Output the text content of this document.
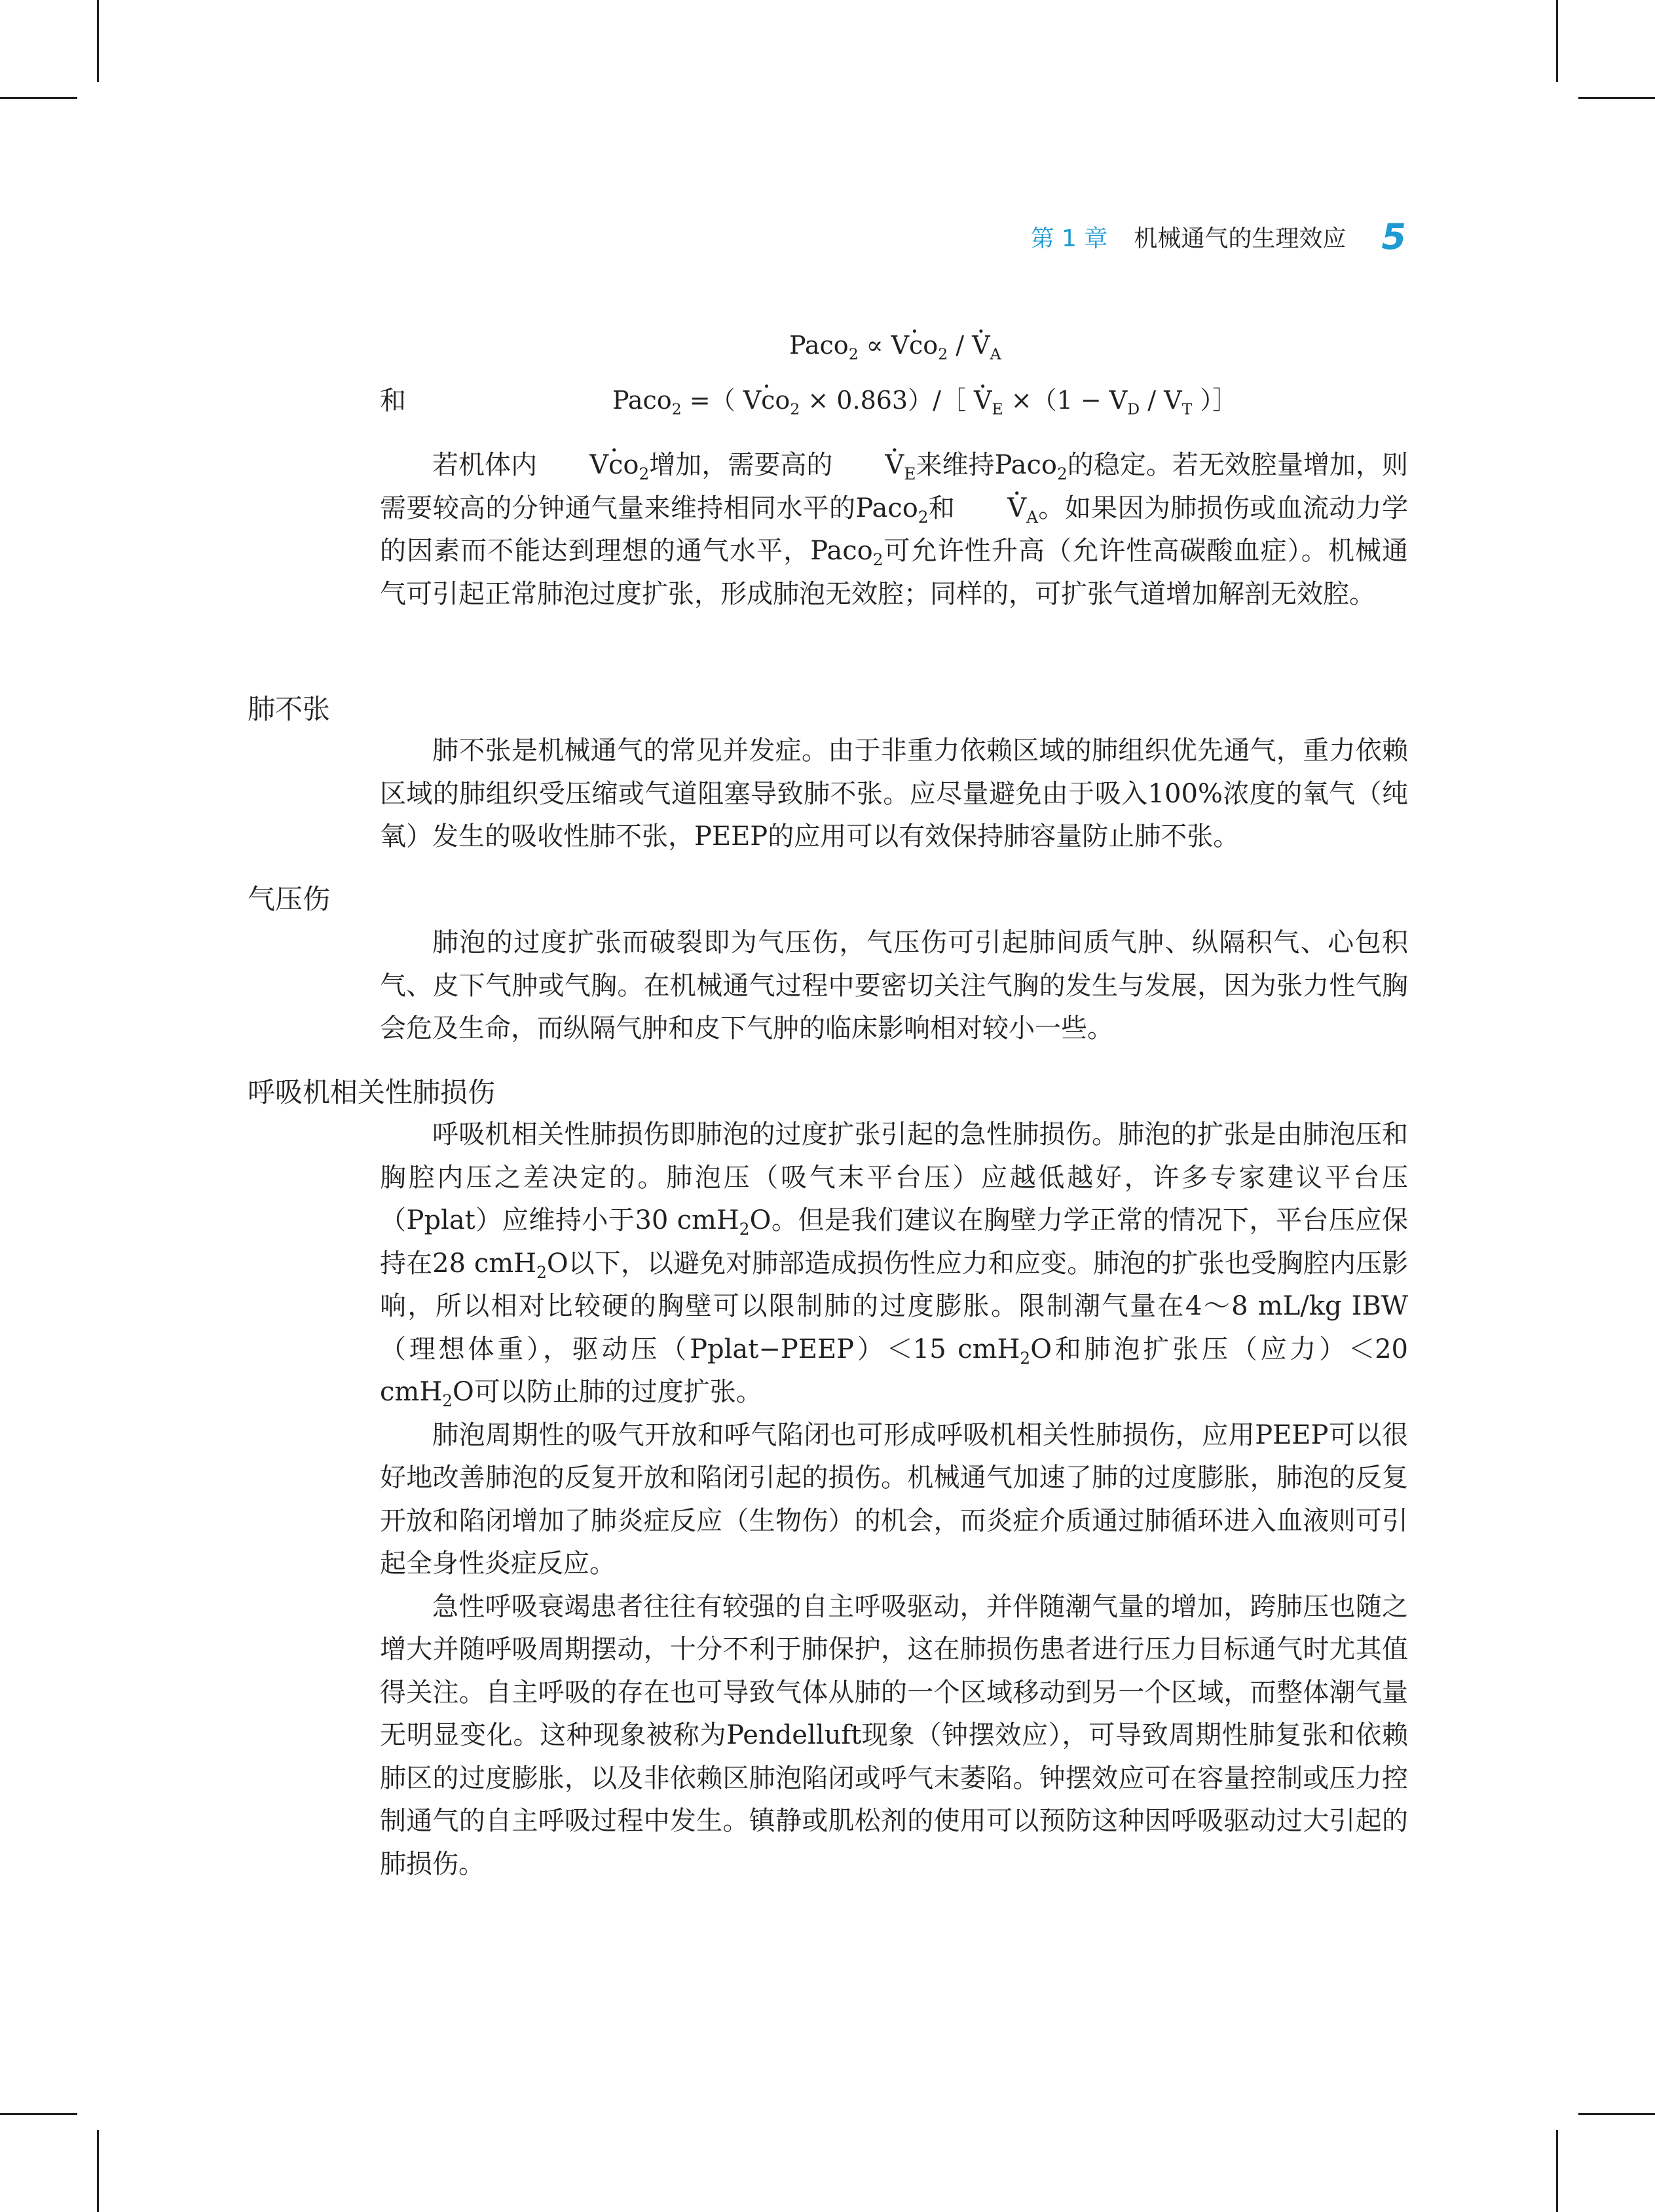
第 1 章 机械通气的生理效应 5
Paco$_2$ ∝ · Vco$_2$ / · $V_A$
和	Paco$_2$ =（ · Vco$_2$ × 0.863）/［ · $V_E \times(1 - V_D / V_T$ ）］

若机体内 · Vco$_2$增加，需要高的 · $V_E$来维持Paco$_2$的稳定。若无效腔量增加，则需要较高的分钟通气量来维持相同水平的Paco$_2$和 · $V_A$。如果因为肺损伤或血流动力学的因素而不能达到理想的通气水平，Paco$_2$可允许性升高（允许性高碳酸血症）。机械通气可引起正常肺泡过度扩张，形成肺泡无效腔；同样的，可扩张气道增加解剖无效腔。

肺不张

肺不张是机械通气的常见并发症。由于非重力依赖区域的肺组织优先通气，重力依赖区域的肺组织受压缩或气道阻塞导致肺不张。应尽量避免由于吸入100%浓度的氧气（纯氧）发生的吸收性肺不张，PEEP的应用可以有效保持肺容量防止肺不张。

气压伤

肺泡的过度扩张而破裂即为气压伤，气压伤可引起肺间质气肿、纵隔积气、心包积气、皮下气肿或气胸。在机械通气过程中要密切关注气胸的发生与发展，因为张力性气胸会危及生命，而纵隔气肿和皮下气肿的临床影响相对较小一些。

呼吸机相关性肺损伤

呼吸机相关性肺损伤即肺泡的过度扩张引起的急性肺损伤。肺泡的扩张是由肺泡压和胸腔内压之差决定的。肺泡压（吸气末平台压）应越低越好，许多专家建议平台压（Pplat）应维持小于30 cmH$_2$O。但是我们建议在胸壁力学正常的情况下，平台压应保持在28 cmH$_2$O以下，以避免对肺部造成损伤性应力和应变。肺泡的扩张也受胸腔内压影响，所以相对比较硬的胸壁可以限制肺的过度膨胀。限制潮气量在4～8 mL/kg IBW（理想体重），驱动压（Pplat−PEEP）＜15 cmH$_2$O和肺泡扩张压（应力）＜20 cmH$_2$O可以防止肺的过度扩张。

肺泡周期性的吸气开放和呼气陷闭也可形成呼吸机相关性肺损伤，应用PEEP可以很好地改善肺泡的反复开放和陷闭引起的损伤。机械通气加速了肺的过度膨胀，肺泡的反复开放和陷闭增加了肺炎症反应（生物伤）的机会，而炎症介质通过肺循环进入血液则可引起全身性炎症反应。

急性呼吸衰竭患者往往有较强的自主呼吸驱动，并伴随潮气量的增加，跨肺压也随之增大并随呼吸周期摆动，十分不利于肺保护，这在肺损伤患者进行压力目标通气时尤其值得关注。自主呼吸的存在也可导致气体从肺的一个区域移动到另一个区域，而整体潮气量无明显变化。这种现象被称为Pendelluft现象（钟摆效应），可导致周期性肺复张和依赖肺区的过度膨胀，以及非依赖区肺泡陷闭或呼气末萎陷。钟摆效应可在容量控制或压力控制通气的自主呼吸过程中发生。镇静或肌松剂的使用可以预防这种因呼吸驱动过大引起的肺损伤。
